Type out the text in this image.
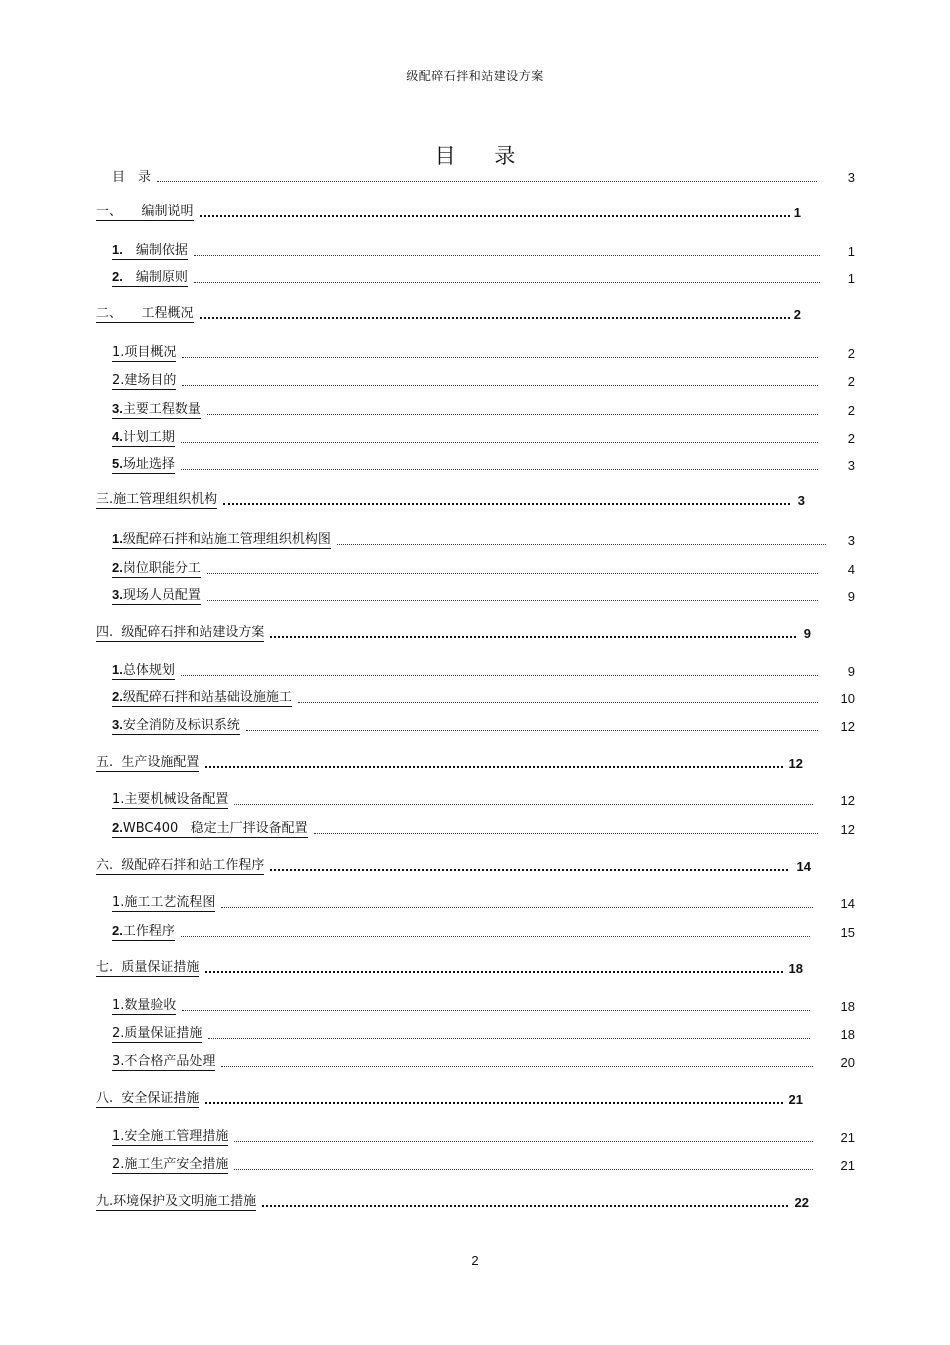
级配碎石拌和站建设方案
目 录
目　录	3
一、　　编制说明	1
1.　编制依据	1
2.　编制原则	1
二、　　工程概况	2
1.项目概况	2
2.建场目的	2
3.主要工程数量	2
4.计划工期	2
5.场址选择	3
三.施工管理组织机构	3
1.级配碎石拌和站施工管理组织机构图	3
2.岗位职能分工	4
3.现场人员配置	9
四.  级配碎石拌和站建设方案	9
1.总体规划	9
2.级配碎石拌和站基础设施施工	10
3.安全消防及标识系统	12
五.  生产设施配置	12
1.主要机械设备配置	12
2.WBC400   稳定土厂拌设备配置	12
六.  级配碎石拌和站工作程序	14
1.施工工艺流程图	14
2.工作程序	15
七.  质量保证措施	18
1.数量验收	18
2.质量保证措施	18
3.不合格产品处理	20
八.  安全保证措施	21
1.安全施工管理措施	21
2.施工生产安全措施	21
九.环境保护及文明施工措施	22
2
